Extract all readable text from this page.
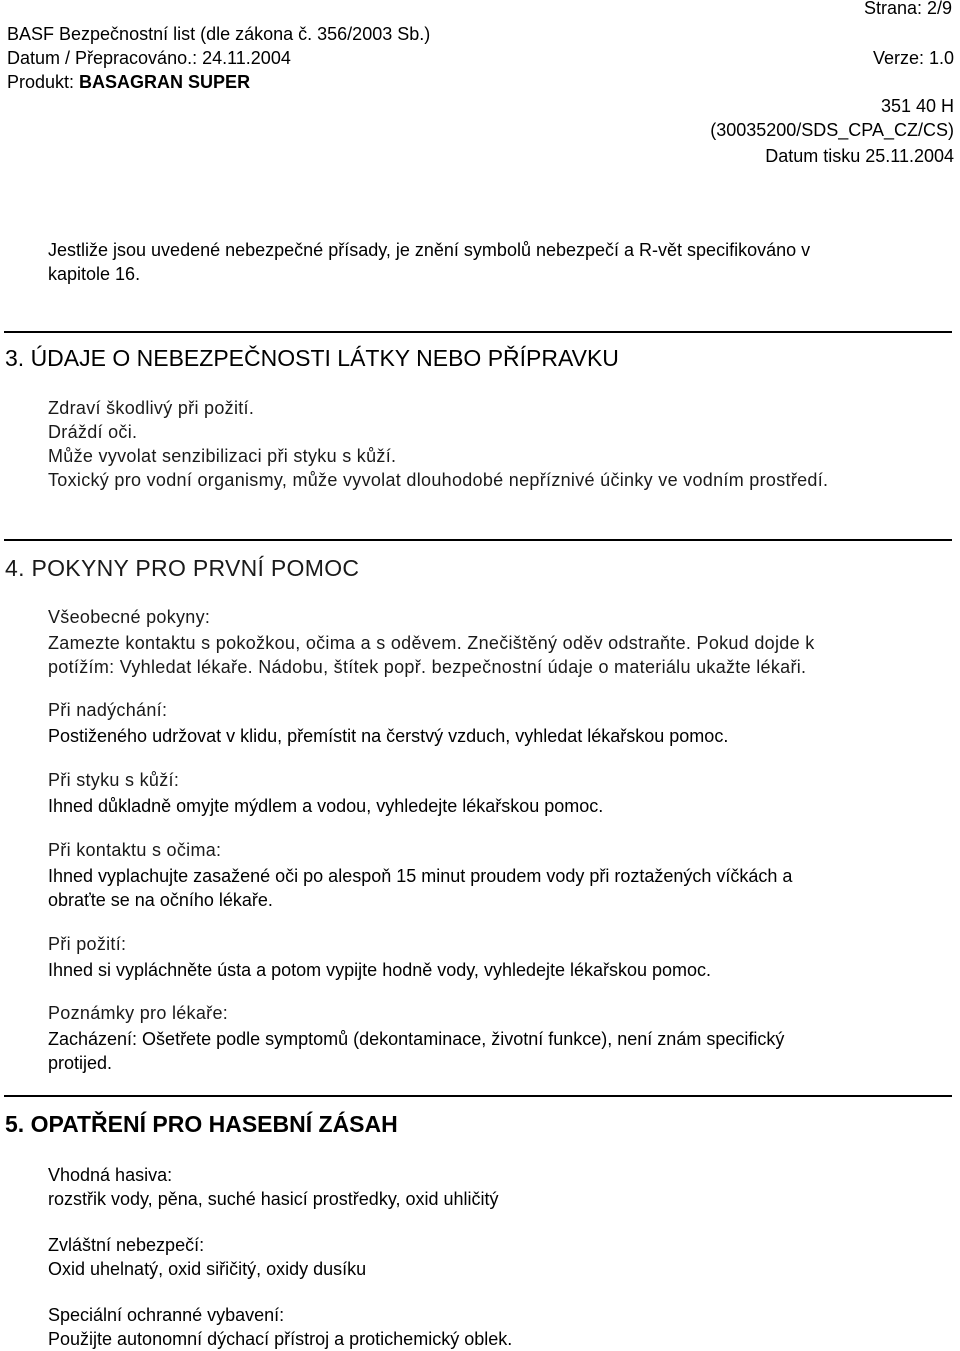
Strana: 2/9
BASF Bezpečnostní list (dle zákona č. 356/2003 Sb.)
Datum / Přepracováno.: 24.11.2004	Verze: 1.0
Produkt: BASAGRAN SUPER
351 40 H
(30035200/SDS_CPA_CZ/CS)
Datum tisku 25.11.2004
Jestliže jsou uvedené nebezpečné přísady, je znění symbolů nebezpečí a R-vět specifikováno v
kapitole 16.
3. ÚDAJE O NEBEZPEČNOSTI LÁTKY NEBO PŘÍPRAVKU
Zdraví škodlivý při požití.
Dráždí oči.
Může vyvolat senzibilizaci při styku s kůží.
Toxický pro vodní organismy, může vyvolat dlouhodobé nepříznivé účinky ve vodním prostředí.
4. POKYNY PRO PRVNÍ POMOC
Všeobecné pokyny:
Zamezte kontaktu s pokožkou, očima a s oděvem. Znečištěný oděv odstraňte. Pokud dojde k
potížím: Vyhledat lékaře. Nádobu, štítek popř. bezpečnostní údaje o materiálu ukažte lékaři.
Při nadýchání:
Postiženého udržovat v klidu, přemístit na čerstvý vzduch, vyhledat lékařskou pomoc.
Při styku s kůží:
Ihned důkladně omyjte mýdlem a vodou, vyhledejte lékařskou pomoc.
Při kontaktu s očima:
Ihned vyplachujte zasažené oči po alespoň 15 minut proudem vody při roztažených víčkách a
obraťte se na očního lékaře.
Při požití:
Ihned si vypláchněte ústa a potom vypijte hodně vody, vyhledejte lékařskou pomoc.
Poznámky pro lékaře:
Zacházení: Ošetřete podle symptomů (dekontaminace, životní funkce), není znám specifický
protijed.
5. OPATŘENÍ PRO HASEBNÍ ZÁSAH
Vhodná hasiva:
rozstřik vody, pěna, suché hasicí prostředky, oxid uhličitý
Zvláštní nebezpečí:
Oxid uhelnatý, oxid siřičitý, oxidy dusíku
Speciální ochranné vybavení:
Použijte autonomní dýchací přístroj a protichemický oblek.
